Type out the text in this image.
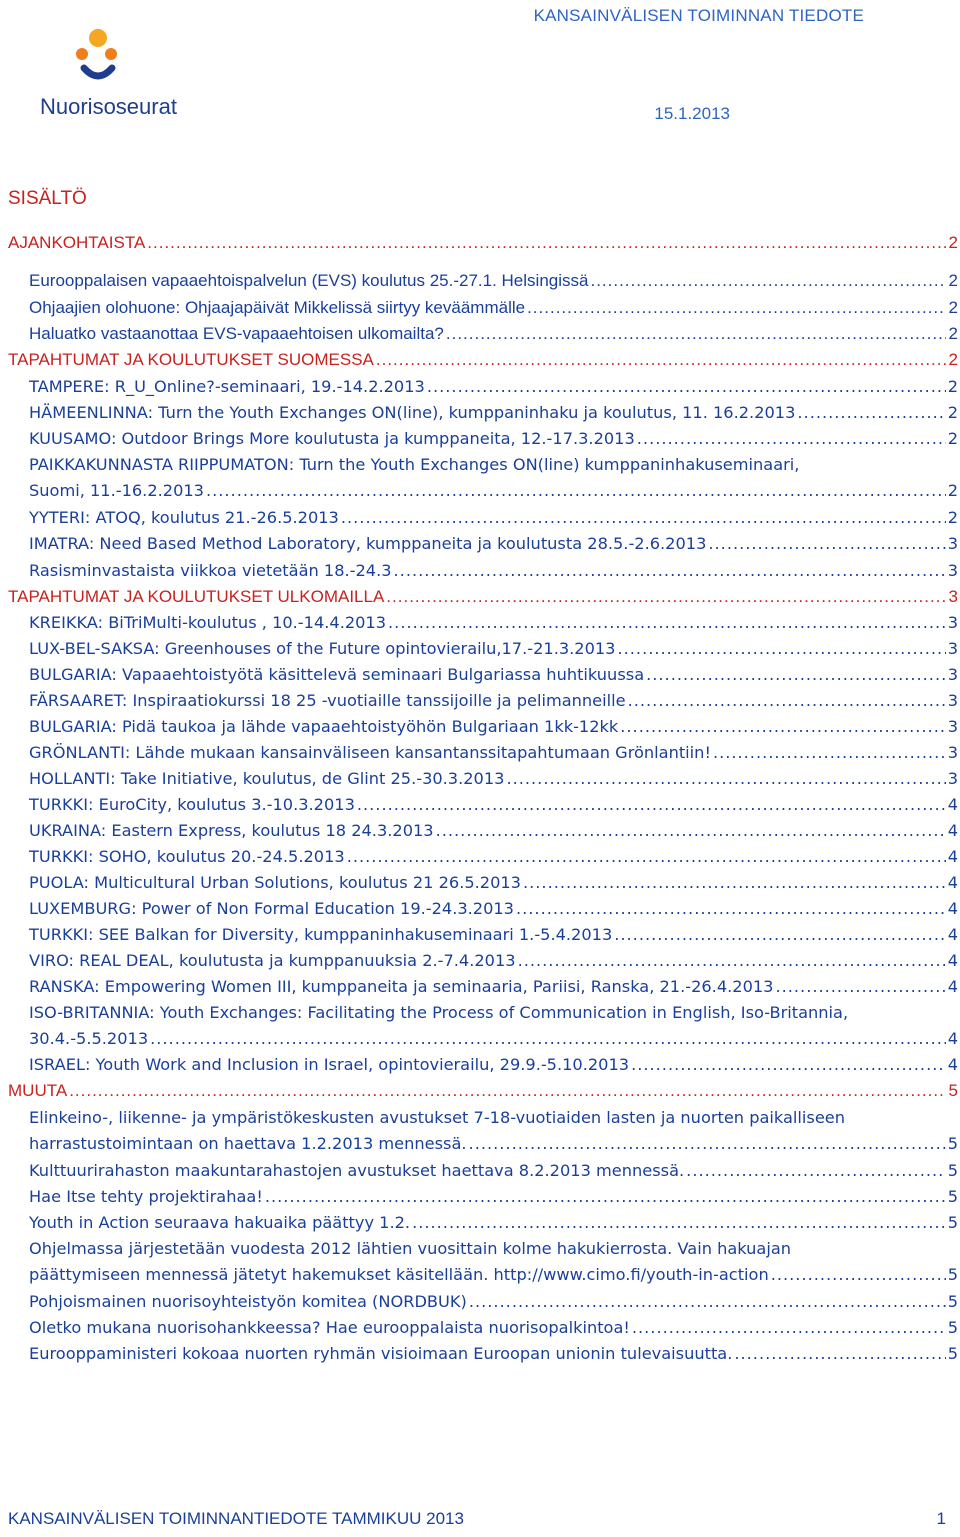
KANSAINVÄLISEN TOIMINNAN TIEDOTE
Nuorisoseurat	15.1.2013
SISÄLTÖ
AJANKOHTAISTA .....	2
Eurooppalaisen vapaaehtoispalvelun (EVS) koulutus 25.-27.1. Helsingissä .....	2
Ohjaajien olohuone: Ohjaajapäivät Mikkelissä siirtyy keväämmälle .....	2
Haluatko vastaanottaa EVS-vapaaehtoisen ulkomailta? .....	2
TAPAHTUMAT JA KOULUTUKSET SUOMESSA .....	2
TAMPERE: R_U_Online?-seminaari, 19.-14.2.2013 .....	2
HÄMEENLINNA: Turn the Youth Exchanges ON(line), kumppaninhaku ja koulutus, 11. 16.2.2013 .....	2
KUUSAMO: Outdoor Brings More koulutusta ja kumppaneita, 12.-17.3.2013 .....	2
PAIKKAKUNNASTA RIIPPUMATON: Turn the Youth Exchanges ON(line) kumppaninhakuseminaari,
Suomi, 11.-16.2.2013 .....	2
YYTERI: ATOQ, koulutus 21.-26.5.2013 .....	2
IMATRA: Need Based Method Laboratory, kumppaneita ja koulutusta 28.5.-2.6.2013 .....	3
Rasisminvastaista viikkoa vietetään 18.-24.3 .....	3
TAPAHTUMAT JA KOULUTUKSET ULKOMAILLA .....	3
KREIKKA: BiTriMulti-koulutus , 10.-14.4.2013 .....	3
LUX-BEL-SAKSA: Greenhouses of the Future opintovierailu,17.-21.3.2013 .....	3
BULGARIA: Vapaaehtoistyötä käsittelevä seminaari Bulgariassa huhtikuussa .....	3
FÄRSAARET: Inspiraatiokurssi 18 25 -vuotiaille tanssijoille ja pelimanneille .....	3
BULGARIA: Pidä taukoa ja lähde vapaaehtoistyöhön Bulgariaan 1kk-12kk .....	3
GRÖNLANTI: Lähde mukaan kansainväliseen kansantanssitapahtumaan Grönlantiin! .....	3
HOLLANTI: Take Initiative, koulutus, de Glint 25.-30.3.2013 .....	3
TURKKI: EuroCity, koulutus 3.-10.3.2013 .....	4
UKRAINA: Eastern Express, koulutus 18 24.3.2013 .....	4
TURKKI: SOHO, koulutus 20.-24.5.2013 .....	4
PUOLA: Multicultural Urban Solutions, koulutus 21 26.5.2013 .....	4
LUXEMBURG: Power of Non Formal Education 19.-24.3.2013 .....	4
TURKKI: SEE Balkan for Diversity, kumppaninhakuseminaari 1.-5.4.2013 .....	4
VIRO: REAL DEAL, koulutusta ja kumppanuuksia 2.-7.4.2013 .....	4
RANSKA: Empowering Women III, kumppaneita ja seminaaria, Pariisi, Ranska, 21.-26.4.2013 .....	4
ISO-BRITANNIA: Youth Exchanges: Facilitating the Process of Communication in English, Iso-Britannia,
30.4.-5.5.2013 .....	4
ISRAEL: Youth Work and Inclusion in Israel, opintovierailu, 29.9.-5.10.2013 .....	4
MUUTA .....	5
Elinkeino-, liikenne- ja ympäristökeskusten avustukset 7-18-vuotiaiden lasten ja nuorten paikalliseen
harrastustoimintaan on haettava 1.2.2013 mennessä. .....	5
Kulttuurirahaston maakuntarahastojen avustukset haettava 8.2.2013 mennessä. .....	5
Hae Itse tehty projektirahaa! .....	5
Youth in Action seuraava hakuaika päättyy 1.2. .....	5
Ohjelmassa järjestetään vuodesta 2012 lähtien vuosittain kolme hakukierrosta. Vain hakuajan
päättymiseen mennessä jätetyt hakemukset käsitellään. http://www.cimo.fi/youth-in-action .....	5
Pohjoismainen nuorisoyhteistyön komitea (NORDBUK) .....	5
Oletko mukana nuorisohankkeessa? Hae eurooppalaista nuorisopalkintoa! .....	5
Eurooppaministeri kokoaa nuorten ryhmän visioimaan Euroopan unionin tulevaisuutta. .....	5
KANSAINVÄLISEN TOIMINNANTIEDOTE TAMMIKUU 2013	1
